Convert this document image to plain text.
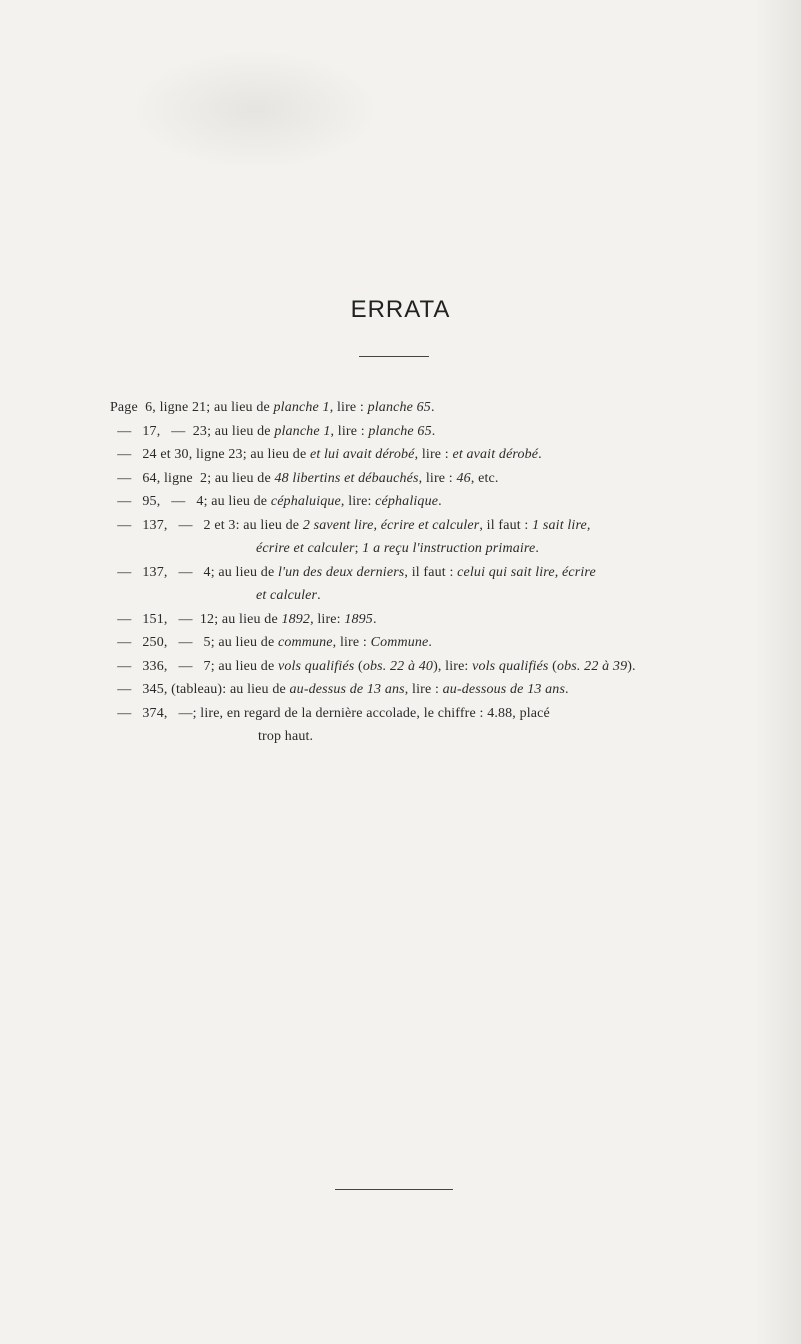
ERRATA
Page  6, ligne 21 ; au lieu de planche 1, lire : planche 65.
—   17,   —  23 ; au lieu de planche 1, lire : planche 65.
—   24 et 30, ligne 23 ; au lieu de et lui avait dérobé, lire : et avait dérobé.
—   64, ligne  2 ; au lieu de 48 libertins et débauchés, lire : 46, etc.
—   95,   —   4 ; au lieu de céphaluique, lire: céphalique.
—   137,   —   2 et 3 : au lieu de 2 savent lire, écrire et calculer, il faut : 1 sait lire,
écrire et calculer; 1 a reçu l'instruction primaire.
—   137,   —   4 ; au lieu de l'un des deux derniers, il faut : celui qui sait lire, écrire
et calculer.
—   151,   —  12 ; au lieu de 1892, lire: 1895.
—   250,   —   5 ; au lieu de commune, lire : Commune.
—   336,   —   7 ; au lieu de vols qualifiés (obs. 22 à 40), lire: vols qualifiés (obs. 22 à 39).
—   345, (tableau) : au lieu de au-dessus de 13 ans, lire : au-dessous de 13 ans.
—   374,   — ; lire, en regard de la dernière accolade, le chiffre : 4.88, placé
trop haut.
